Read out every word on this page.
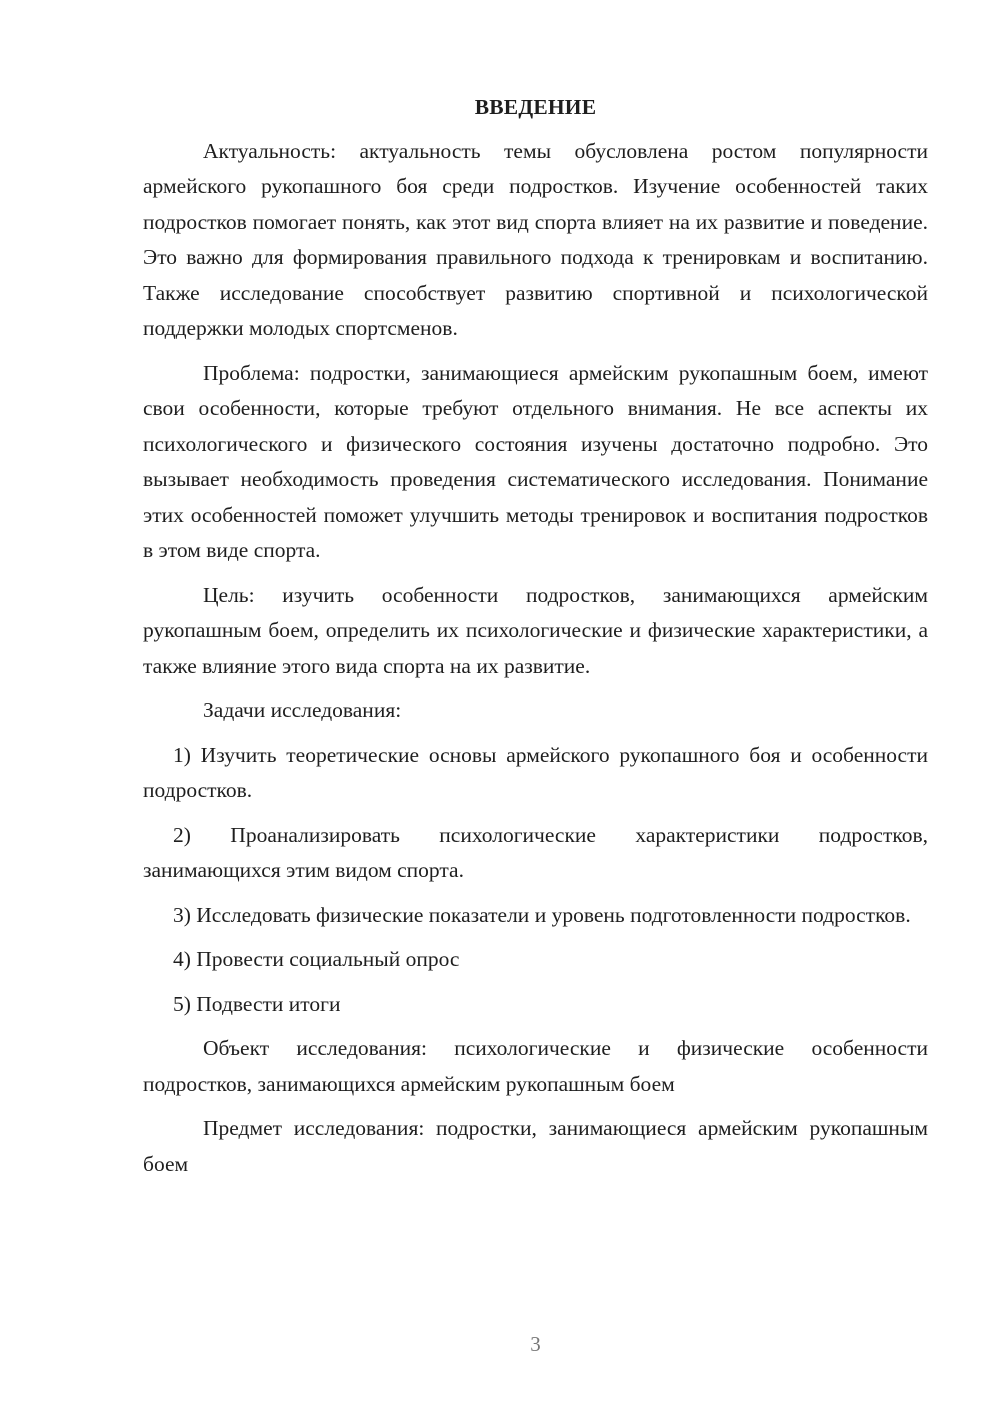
ВВЕДЕНИЕ

Актуальность: актуальность темы обусловлена ростом популярности армейского рукопашного боя среди подростков. Изучение особенностей таких подростков помогает понять, как этот вид спорта влияет на их развитие и поведение. Это важно для формирования правильного подхода к тренировкам и воспитанию. Также исследование способствует развитию спортивной и психологической поддержки молодых спортсменов.

Проблема: подростки, занимающиеся армейским рукопашным боем, имеют свои особенности, которые требуют отдельного внимания. Не все аспекты их психологического и физического состояния изучены достаточно подробно. Это вызывает необходимость проведения систематического исследования. Понимание этих особенностей поможет улучшить методы тренировок и воспитания подростков в этом виде спорта.

Цель: изучить особенности подростков, занимающихся армейским рукопашным боем, определить их психологические и физические характеристики, а также влияние этого вида спорта на их развитие.

Задачи исследования:

1) Изучить теоретические основы армейского рукопашного боя и особенности подростков.
2) Проанализировать психологические характеристики подростков, занимающихся этим видом спорта.
3) Исследовать физические показатели и уровень подготовленности подростков.
4) Провести социальный опрос
5) Подвести итоги

Объект исследования: психологические и физические особенности подростков, занимающихся армейским рукопашным боем

Предмет исследования: подростки, занимающиеся армейским рукопашным боем

3
